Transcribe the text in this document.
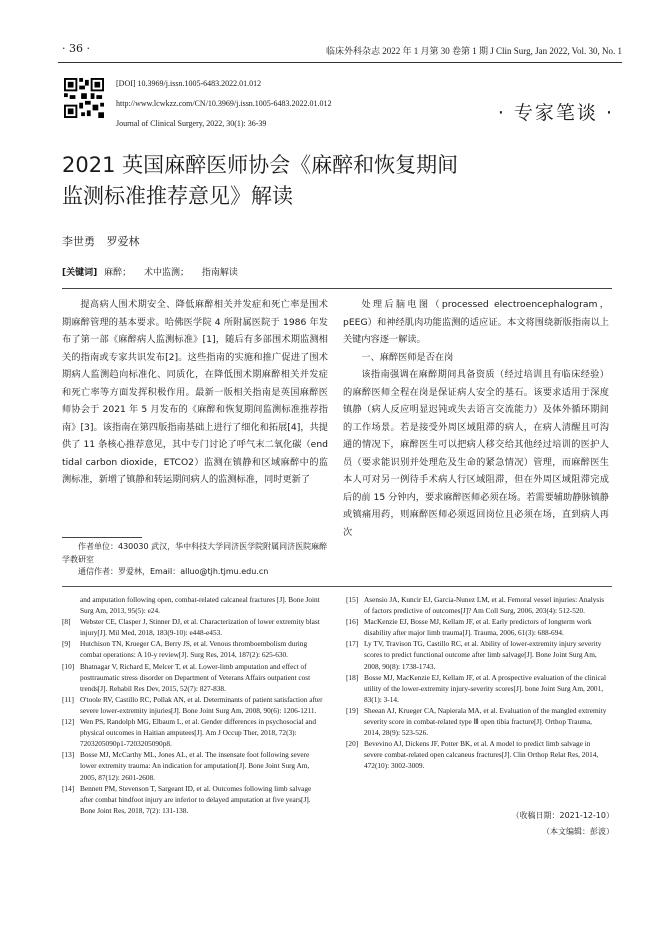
· 36 ·	临床外科杂志 2022 年 1 月第 30 卷第 1 期 J Clin Surg, Jan 2022, Vol. 30, No. 1
[DOI] 10.3969/j.issn.1005-6483.2022.01.012
http://www.lcwkzz.com/CN/10.3969/j.issn.1005-6483.2022.01.012
Journal of Clinical Surgery, 2022, 30(1): 36-39	· 专家笔谈 ·
2021 英国麻醉医师协会《麻醉和恢复期间
监测标准推荐意见》解读
李世勇 罗爱林
[关键词] 麻醉； 术中监测； 指南解读

提高病人围术期安全、降低麻醉相关并发症和死亡率是围术期麻醉管理的基本要求。哈佛医学院 4 所附属医院于 1986 年发布了第一部《麻醉病人监测标准》[1]，随后有多部围术期监测相关的指南或专家共识发布[2]。这些指南的实施和推广促进了围术期病人监测趋向标准化、同质化，在降低围术期麻醉相关并发症和死亡率等方面发挥积极作用。最新一版相关指南是英国麻醉医师协会于 2021 年 5 月发布的《麻醉和恢复期间监测标准推荐指南》[3]。该指南在第四版指南基础上进行了细化和拓展[4]，共提供了 11 条核心推荐意见，其中专门讨论了呼气末二氧化碳（end tidal carbon dioxide，ETCO2）监测在镇静和区域麻醉中的监测标准，新增了镇静和转运期间病人的监测标准，同时更新了

处理后脑电图（processed electroencephalogram，pEEG）和神经肌肉功能监测的适应证。本文将围绕新版指南以上关键内容逐一解读。

一、麻醉医师是否在岗

该指南强调在麻醉期间具备资质（经过培训且有临床经验）的麻醉医师全程在岗是保证病人安全的基石。该要求适用于深度镇静（病人反应明显迟钝或失去语言交流能力）及体外循环期间的工作场景。若是接受外周区域阻滞的病人，在病人清醒且可沟通的情况下，麻醉医生可以把病人移交给其他经过培训的医护人员（要求能识别并处理危及生命的紧急情况）管理，而麻醉医生本人可对另一例待手术病人行区域阻滞，但在外周区域阻滞完成后的前 15 分钟内，要求麻醉医师必须在场。若需要辅助静脉镇静或镇痛用药，则麻醉医师必须返回岗位且必须在场，直到病人再次

作者单位：430030 武汉，华中科技大学同济医学院附属同济医院麻醉学教研室
通信作者：罗爱林，Email：alluo@tjh.tjmu.edu.cn
and amputation following open, combat-related calcaneal fractures [J]. Bone Joint Surg Am, 2013, 95(5): e24.
[8] Webster CE, Clasper J, Stinner DJ, et al. Characterization of lower extremity blast injury[J]. Mil Med, 2018, 183(9-10): e448-e453.
[9] Hutchison TN, Krueger CA, Berry JS, et al. Venous thromboembolism during combat operations: A 10-y review[J]. Surg Res, 2014, 187(2): 625-630.
[10] Bhatnagar V, Richard E, Melcer T, et al. Lower-limb amputation and effect of posttraumatic stress disorder on Department of Veterans Affairs outpatient cost trends[J]. Rehabil Res Dev, 2015, 52(7): 827-838.
[11] O'toole RV, Castillo RC, Pollak AN, et al. Determinants of patient satisfaction after severe lower-extremity injuries[J]. Bone Joint Surg Am, 2008, 90(6): 1206-1211.
[12] Wen PS, Randolph MG, Elbaum L, et al. Gender differences in psychosocial and physical outcomes in Haitian amputees[J]. Am J Occup Ther, 2018, 72(3): 7203205090p1-7203205090p8.
[13] Bosse MJ, McCarthy ML, Jones AL, et al. The insensate foot following severe lower extremity trauma: An indication for amputation[J]. Bone Joint Surg Am, 2005, 87(12): 2601-2608.
[14] Bennett PM, Stevenson T, Sargeant ID, et al. Outcomes following limb salvage after combat hindfoot injury are inferior to delayed amputation at five years[J]. Bone Joint Res, 2018, 7(2): 131-138.
[15] Asensio JA, Kuncir EJ, Garcia-Nunez LM, et al. Femoral vessel injuries: Analysis of factors predictive of outcomes[J]? Am Coll Surg, 2006, 203(4): 512-520.
[16] MacKenzie EJ, Bosse MJ, Kellam JF, et al. Early predictors of longterm work disability after major limb trauma[J]. Trauma, 2006, 61(3): 688-694.
[17] Ly TV, Travison TG, Castillo RC, et al. Ability of lower-extremity injury severity scores to predict functional outcome after limb salvage[J]. Bone Joint Surg Am, 2008, 90(8): 1738-1743.
[18] Bosse MJ, MacKenzie EJ, Kellam JF, et al. A prospective evaluation of the clinical utility of the lower-extremity injury-severity scores[J]. bone Joint Surg Am, 2001, 83(1): 3-14.
[19] Sheean AJ, Krueger CA, Napierala MA, et al. Evaluation of the mangled extremity severity score in combat-related type Ⅲ open tibia fracture[J]. Orthop Trauma, 2014, 28(9): 523-526.
[20] Bevevino AJ, Dickens JF, Potter BK, et al. A model to predict limb salvage in severe combat-related open calcaneus fractures[J]. Clin Orthop Relat Res, 2014, 472(10): 3002-3009.
（收稿日期：2021-12-10）
（本文编辑：彭波）
